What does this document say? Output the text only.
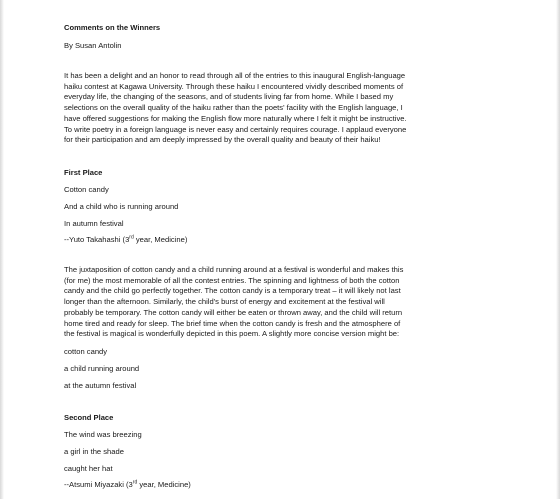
Comments on the Winners
By Susan Antolin
It has been a delight and an honor to read through all of the entries to this inaugural English-language
haiku contest at Kagawa University. Through these haiku I encountered vividly described moments of
everyday life, the changing of the seasons, and of students living far from home. While I based my
selections on the overall quality of the haiku rather than the poets' facility with the English language, I
have offered suggestions for making the English flow more naturally where I felt it might be instructive.
To write poetry in a foreign language is never easy and certainly requires courage. I applaud everyone
for their participation and am deeply impressed by the overall quality and beauty of their haiku!
First Place
Cotton candy
And a child who is running around
In autumn festival
--Yuto Takahashi (3rd year, Medicine)
The juxtaposition of cotton candy and a child running around at a festival is wonderful and makes this
(for me) the most memorable of all the contest entries. The spinning and lightness of both the cotton
candy and the child go perfectly together. The cotton candy is a temporary treat – it will likely not last
longer than the afternoon. Similarly, the child's burst of energy and excitement at the festival will
probably be temporary. The cotton candy will either be eaten or thrown away, and the child will return
home tired and ready for sleep. The brief time when the cotton candy is fresh and the atmosphere of
the festival is magical is wonderfully depicted in this poem. A slightly more concise version might be:
cotton candy
a child running around
at the autumn festival
Second Place
The wind was breezing
a girl in the shade
caught her hat
--Atsumi Miyazaki (3rd year, Medicine)
